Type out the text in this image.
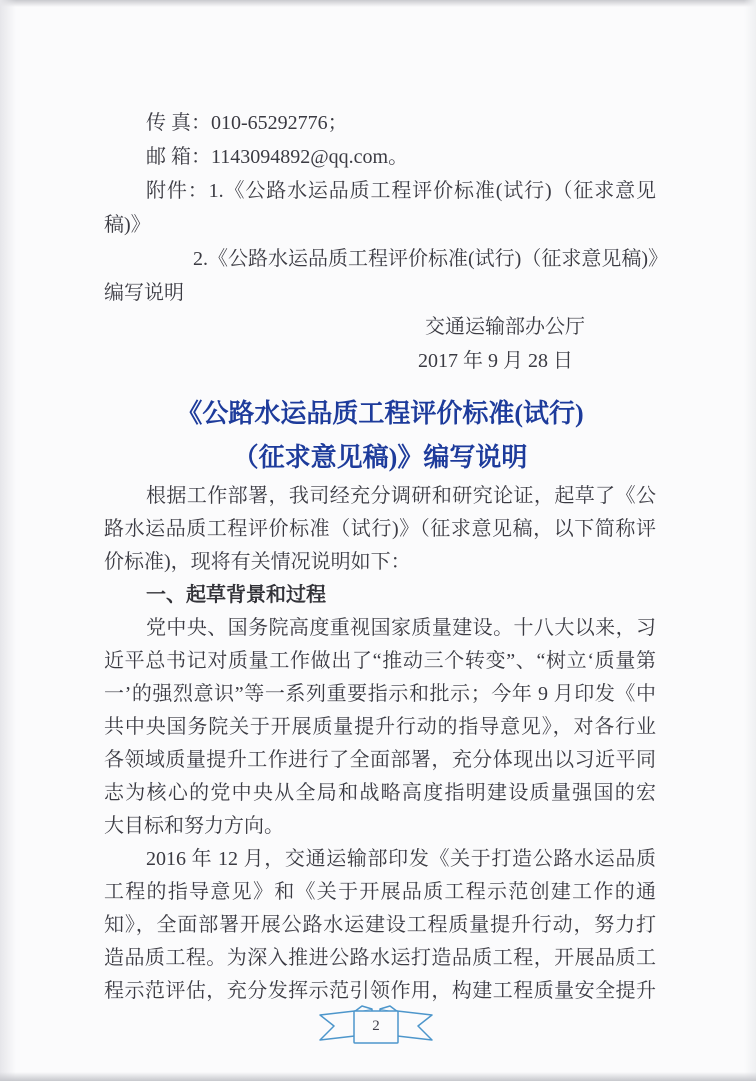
传 真：010-65292776；
邮 箱：1143094892@qq.com。
附件：1.《公路水运品质工程评价标准(试行)（征求意见
稿)》
2.《公路水运品质工程评价标准(试行)（征求意见稿)》
编写说明
交通运输部办公厅
2017 年 9 月 28 日
《公路水运品质工程评价标准(试行)
（征求意见稿)》编写说明
根据工作部署，我司经充分调研和研究论证，起草了《公
路水运品质工程评价标准（试行)》（征求意见稿，以下简称评
价标准)，现将有关情况说明如下：
一、起草背景和过程
党中央、国务院高度重视国家质量建设。十八大以来，习
近平总书记对质量工作做出了“推动三个转变”、“树立‘质量第
一’的强烈意识”等一系列重要指示和批示；今年 9 月印发《中
共中央国务院关于开展质量提升行动的指导意见》，对各行业
各领域质量提升工作进行了全面部署，充分体现出以习近平同
志为核心的党中央从全局和战略高度指明建设质量强国的宏
大目标和努力方向。
2016 年 12 月，交通运输部印发《关于打造公路水运品质
工程的指导意见》和《关于开展品质工程示范创建工作的通
知》，全面部署开展公路水运建设工程质量提升行动，努力打
造品质工程。为深入推进公路水运打造品质工程，开展品质工
程示范评估，充分发挥示范引领作用，构建工程质量安全提升
2
